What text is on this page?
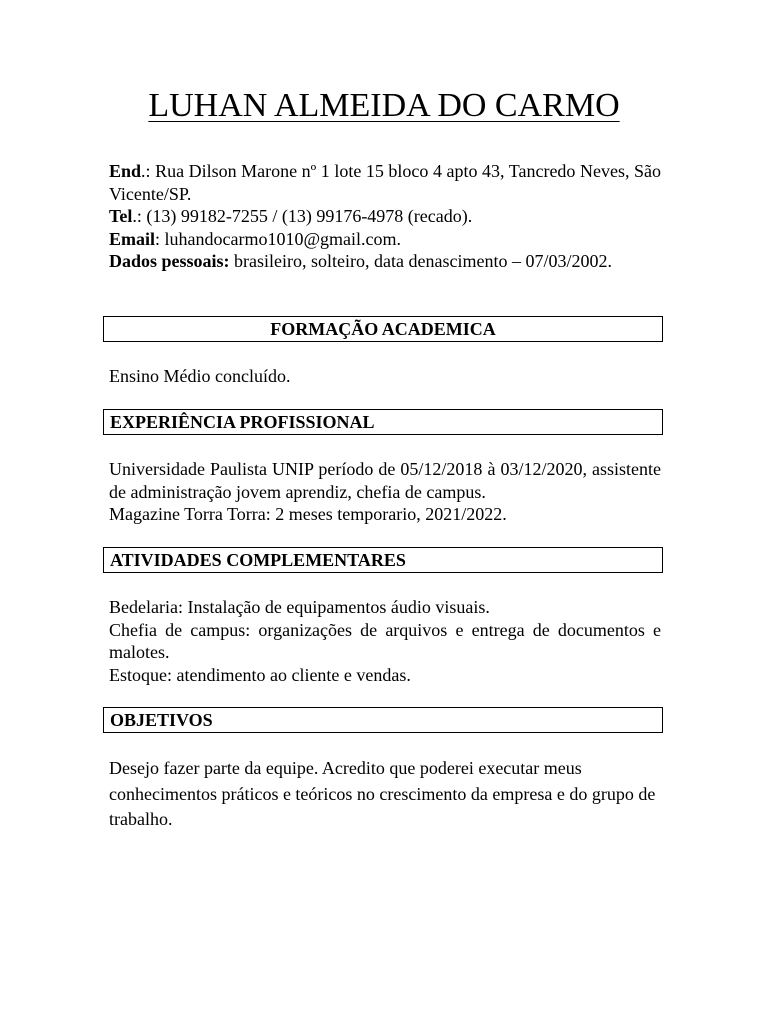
LUHAN ALMEIDA DO CARMO

End.: Rua Dilson Marone nº 1 lote 15 bloco 4 apto 43, Tancredo Neves, São Vicente/SP.

Tel.: (13) 99182-7255 / (13) 99176-4978 (recado).

Email: luhandocarmo1010@gmail.com.

Dados pessoais: brasileiro, solteiro, data denascimento – 07/03/2002.

FORMAÇÃO ACADEMICA

Ensino Médio concluído.

EXPERIÊNCIA PROFISSIONAL

Universidade Paulista UNIP período de 05/12/2018 à 03/12/2020, assistente de administração jovem aprendiz, chefia de campus.

Magazine Torra Torra: 2 meses temporario, 2021/2022.

ATIVIDADES COMPLEMENTARES

Bedelaria: Instalação de equipamentos áudio visuais.

Chefia de campus: organizações de arquivos e entrega de documentos e malotes.

Estoque: atendimento ao cliente e vendas.

OBJETIVOS

Desejo fazer parte da equipe. Acredito que poderei executar meus conhecimentos práticos e teóricos no crescimento da empresa e do grupo de trabalho.
